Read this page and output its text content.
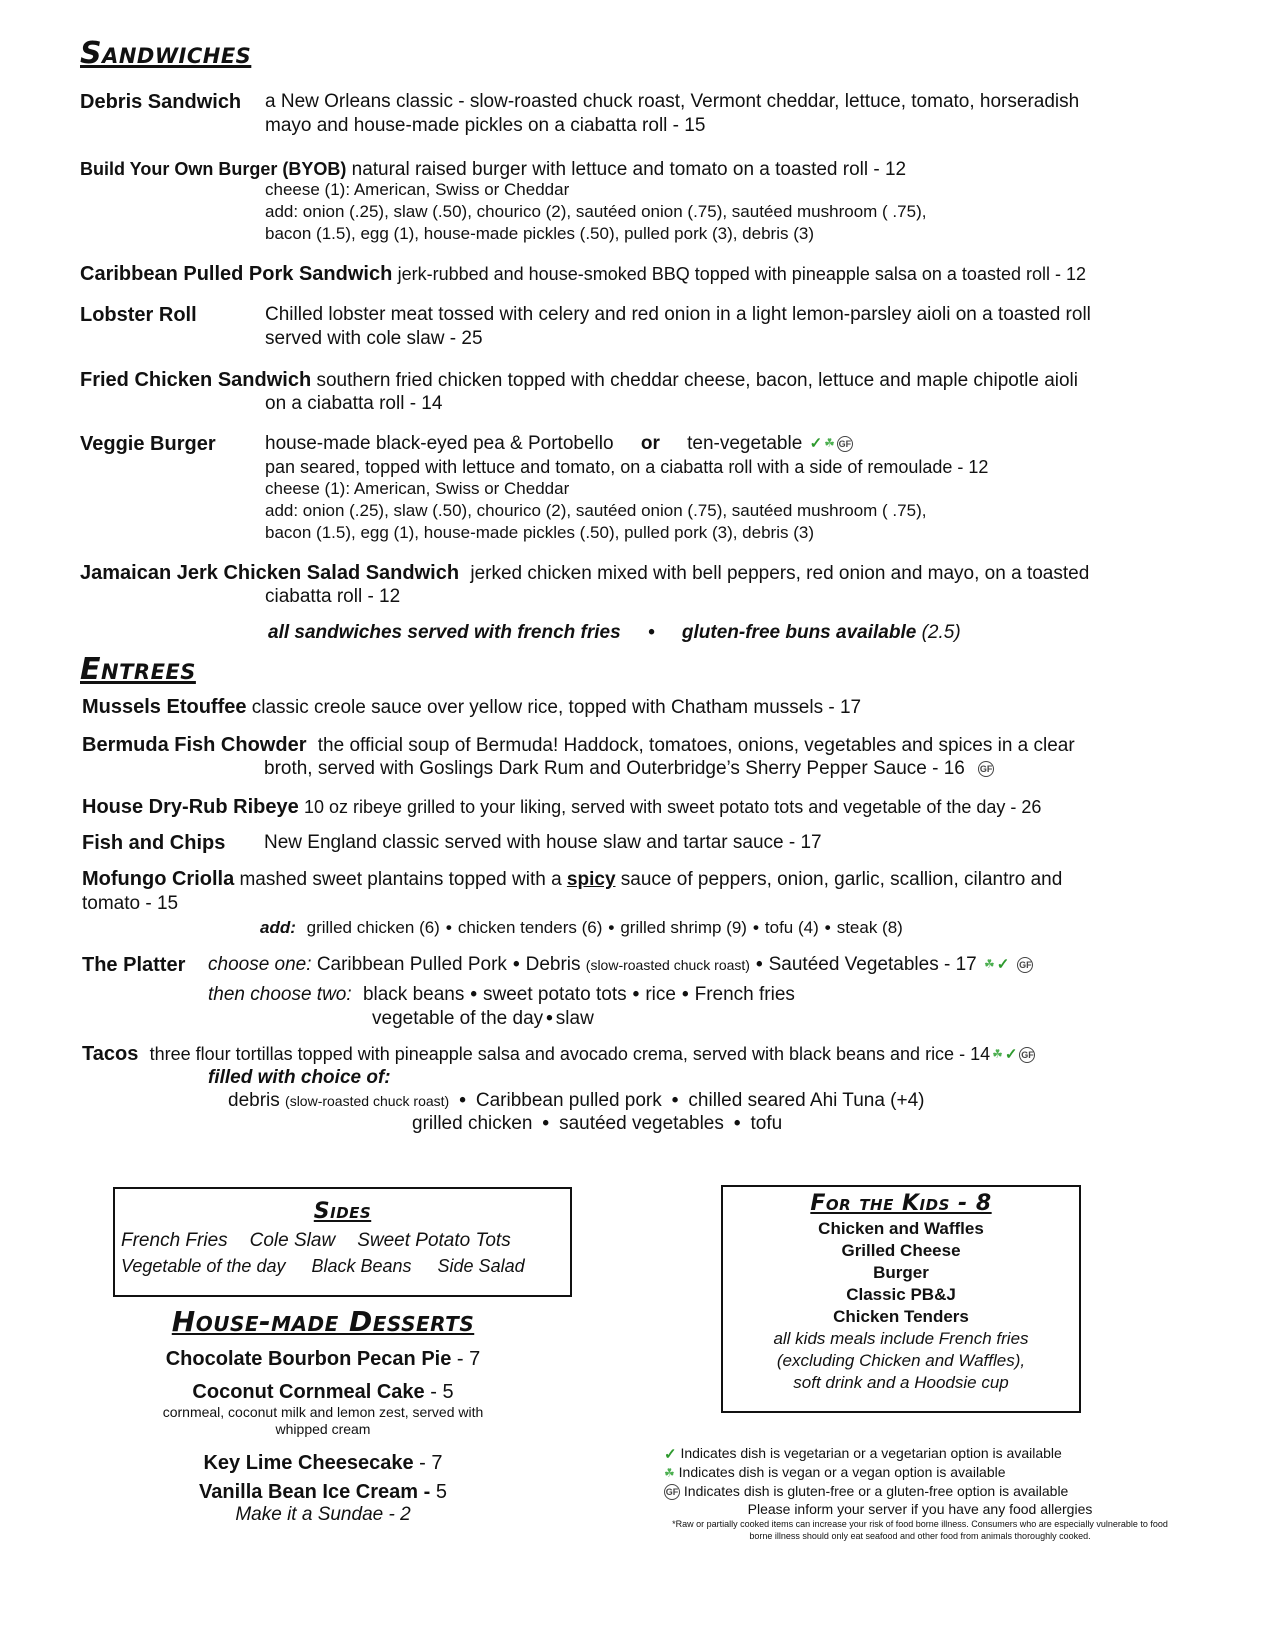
Sandwiches
Debris Sandwich a New Orleans classic - slow-roasted chuck roast, Vermont cheddar, lettuce, tomato, horseradish
mayo and house-made pickles on a ciabatta roll - 15
Build Your Own Burger (BYOB) natural raised burger with lettuce and tomato on a toasted roll - 12
cheese (1): American, Swiss or Cheddar
add: onion (.25), slaw (.50), chourico (2), sautéed onion (.75), sautéed mushroom ( .75),
bacon (1.5), egg (1), house-made pickles (.50), pulled pork (3), debris (3)
Caribbean Pulled Pork Sandwich jerk-rubbed and house-smoked BBQ topped with pineapple salsa on a toasted roll - 12
Lobster Roll	Chilled lobster meat tossed with celery and red onion in a light lemon-parsley aioli on a toasted roll
served with cole slaw - 25
Fried Chicken Sandwich southern fried chicken topped with cheddar cheese, bacon, lettuce and maple chipotle aioli
on a ciabatta roll - 14
Veggie Burger	house-made black-eyed pea & Portobello or ten-vegetable ✓ ☘ GF
pan seared, topped with lettuce and tomato, on a ciabatta roll with a side of remoulade - 12
cheese (1): American, Swiss or Cheddar
add: onion (.25), slaw (.50), chourico (2), sautéed onion (.75), sautéed mushroom ( .75),
bacon (1.5), egg (1), house-made pickles (.50), pulled pork (3), debris (3)
Jamaican Jerk Chicken Salad Sandwich jerked chicken mixed with bell peppers, red onion and mayo, on a toasted
ciabatta roll - 12
all sandwiches served with french fries • gluten-free buns available (2.5)
Entrees
Mussels Etouffee classic creole sauce over yellow rice, topped with Chatham mussels - 17
Bermuda Fish Chowder the official soup of Bermuda! Haddock, tomatoes, onions, vegetables and spices in a clear
broth, served with Goslings Dark Rum and Outerbridge’s Sherry Pepper Sauce - 16 GF
House Dry-Rub Ribeye 10 oz ribeye grilled to your liking, served with sweet potato tots and vegetable of the day - 26
Fish and Chips New England classic served with house slaw and tartar sauce - 17
Mofungo Criolla mashed sweet plantains topped with a spicy sauce of peppers, onion, garlic, scallion, cilantro and
tomato - 15
add: grilled chicken (6) • chicken tenders (6) • grilled shrimp (9) • tofu (4) • steak (8)
The Platter choose one: Caribbean Pulled Pork • Debris (slow-roasted chuck roast) • Sautéed Vegetables - 17 ☘ ✓ GF
then choose two: black beans • sweet potato tots • rice • French fries
vegetable of the day • slaw
Tacos three flour tortillas topped with pineapple salsa and avocado crema, served with black beans and rice - 14 ☘ ✓ GF
filled with choice of:
debris (slow-roasted chuck roast) • Caribbean pulled pork • chilled seared Ahi Tuna (+4)
grilled chicken • sautéed vegetables • tofu
Sides
French Fries Cole Slaw Sweet Potato Tots
Vegetable of the day Black Beans Side Salad
For the Kids - 8
Chicken and Waffles
Grilled Cheese
Burger
Classic PB&J
Chicken Tenders
all kids meals include French fries
(excluding Chicken and Waffles),
soft drink and a Hoodsie cup
House-made Desserts
Chocolate Bourbon Pecan Pie - 7
Coconut Cornmeal Cake - 5
cornmeal, coconut milk and lemon zest, served with
whipped cream
Key Lime Cheesecake - 7
Vanilla Bean Ice Cream - 5
Make it a Sundae - 2
✓ Indicates dish is vegetarian or a vegetarian option is available
☘ Indicates dish is vegan or a vegan option is available
GF Indicates dish is gluten-free or a gluten-free option is available
Please inform your server if you have any food allergies
*Raw or partially cooked items can increase your risk of food borne illness. Consumers who are especially vulnerable to food
borne illness should only eat seafood and other food from animals thoroughly cooked.
